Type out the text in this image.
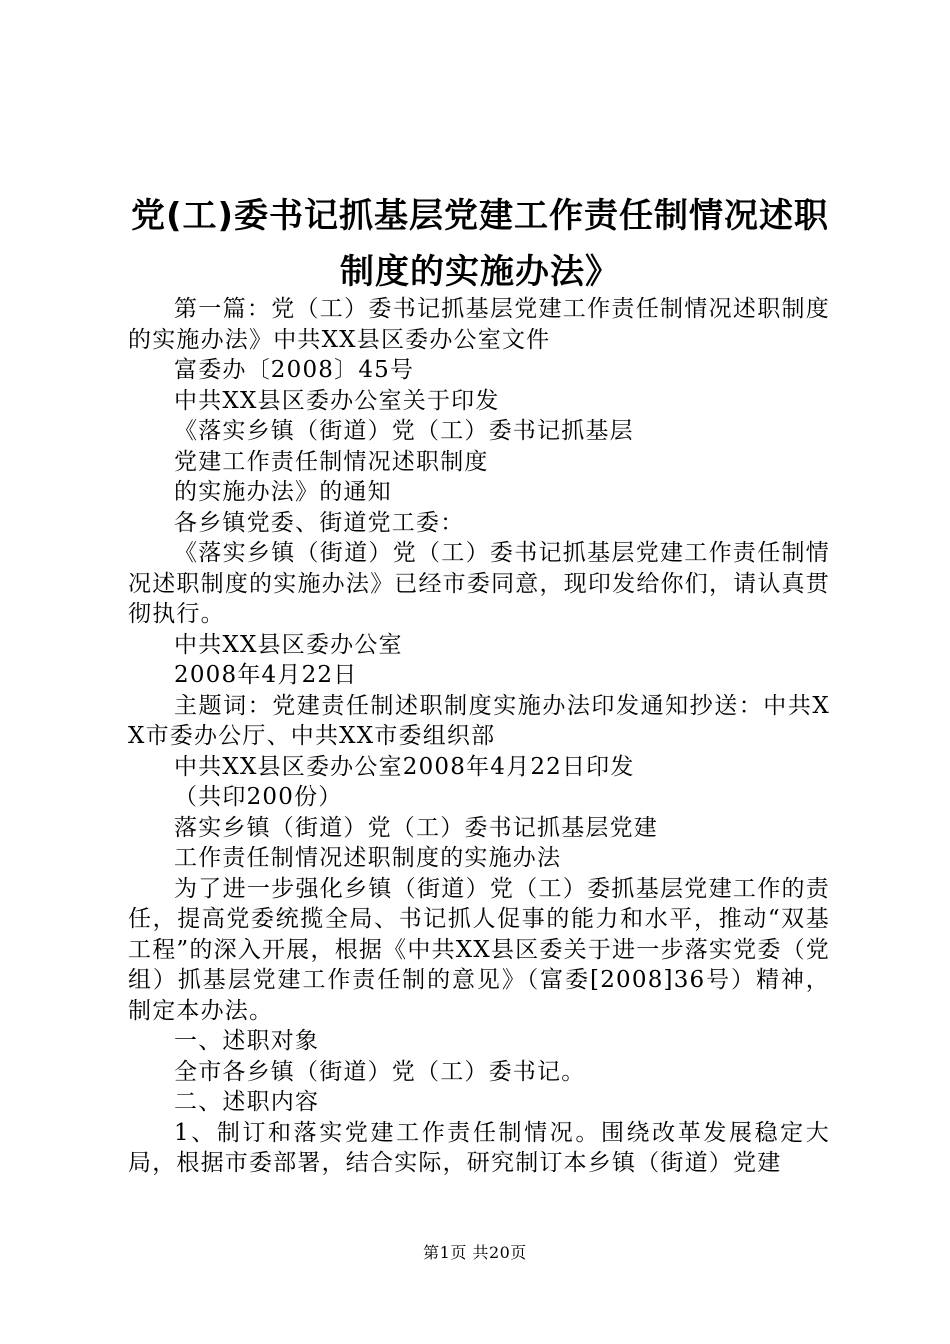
党(工)委书记抓基层党建工作责任制情况述职
制度的实施办法》

第一篇：党（工）委书记抓基层党建工作责任制情况述职制度的实施办法》中共XX县区委办公室文件

富委办〔2008〕45号

中共XX县区委办公室关于印发

《落实乡镇（街道）党（工）委书记抓基层

党建工作责任制情况述职制度

的实施办法》的通知

各乡镇党委、街道党工委：

《落实乡镇（街道）党（工）委书记抓基层党建工作责任制情况述职制度的实施办法》已经市委同意，现印发给你们，请认真贯彻执行。

中共XX县区委办公室

2008年4月22日

主题词：党建责任制述职制度实施办法印发通知抄送：中共XX市委办公厅、中共XX市委组织部

中共XX县区委办公室2008年4月22日印发

（共印200份）

落实乡镇（街道）党（工）委书记抓基层党建

工作责任制情况述职制度的实施办法

为了进一步强化乡镇（街道）党（工）委抓基层党建工作的责任，提高党委统揽全局、书记抓人促事的能力和水平，推动“双基工程”的深入开展，根据《中共XX县区委关于进一步落实党委（党组）抓基层党建工作责任制的意见》（富委[2008]36号）精神，制定本办法。

一、述职对象

全市各乡镇（街道）党（工）委书记。

二、述职内容

1、制订和落实党建工作责任制情况。围绕改革发展稳定大局，根据市委部署，结合实际，研究制订本乡镇（街道）党建

第1页 共20页
